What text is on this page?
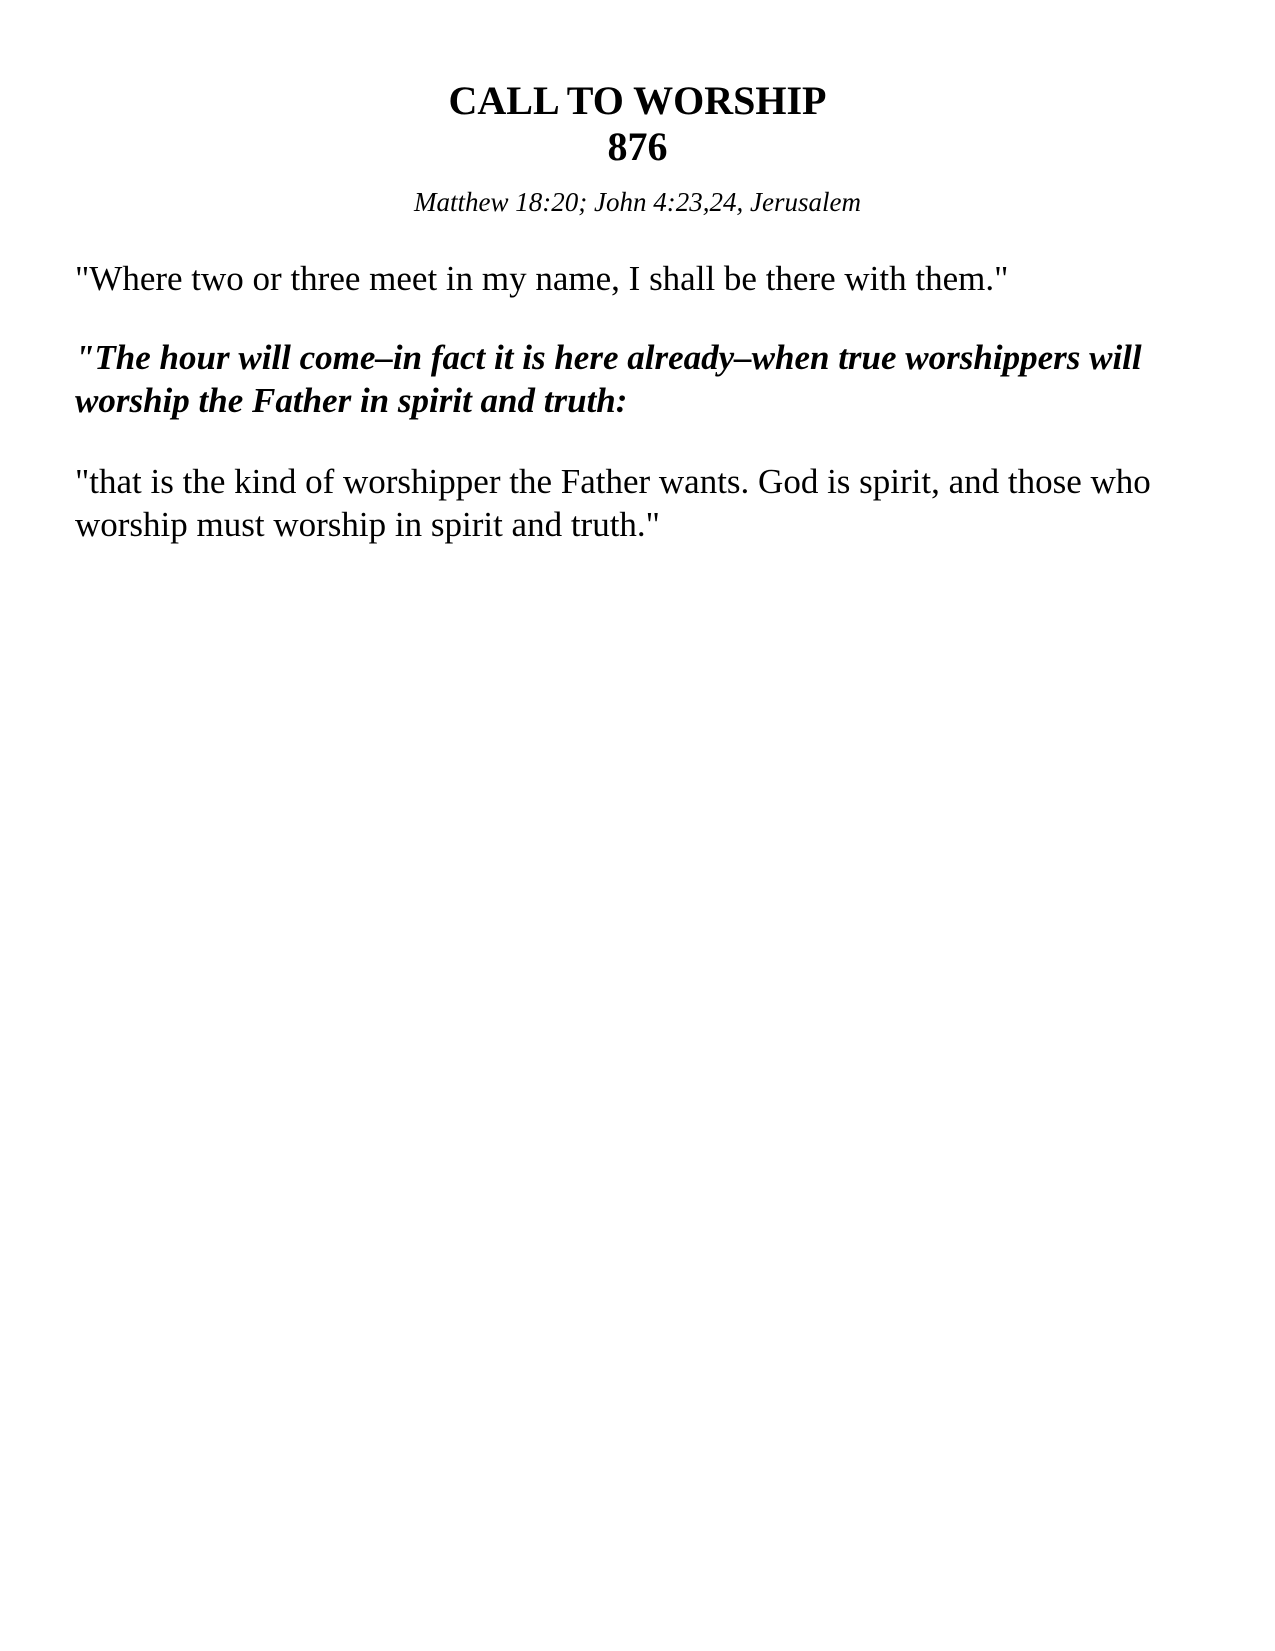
CALL TO WORSHIP
876
Matthew 18:20; John 4:23,24, Jerusalem

"Where two or three meet in my name, I shall be there with them."

"The hour will come–in fact it is here already–when true worshippers will worship the Father in spirit and truth:

"that is the kind of worshipper the Father wants. God is spirit, and those who worship must worship in spirit and truth."
